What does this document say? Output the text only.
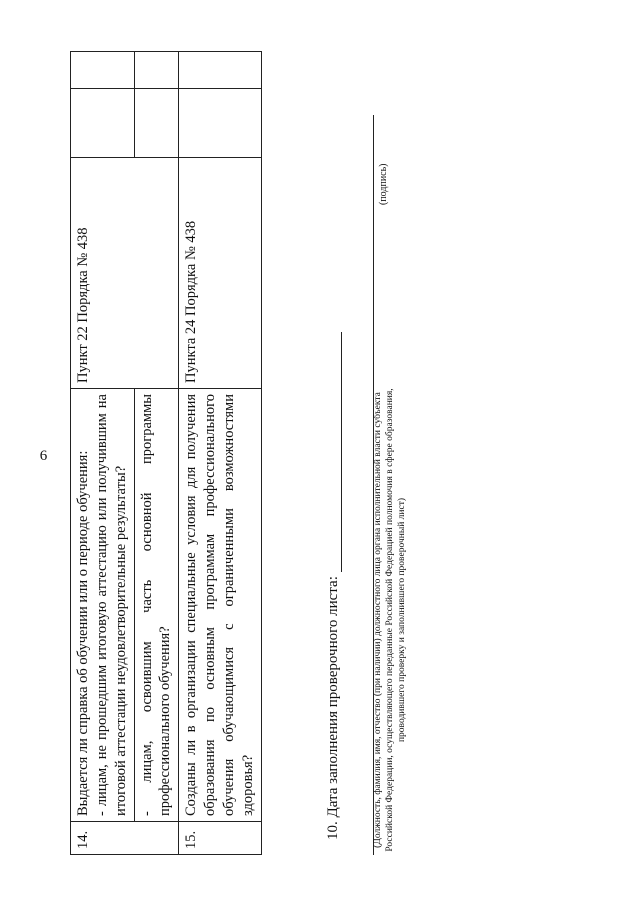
6
14.	Выдается ли справка об обучении или о периоде обучения: - лицам, не прошедшим итоговую аттестацию или получившим на итоговой аттестации неудовлетворительные результаты?	Пункт 22 Порядка № 438		
	- лицам, освоившим часть основной программы профессионального обучения?			
15.	Созданы ли в организации специальные условия для получения образования по основным программам профессионального обучения обучающимися с ограниченными возможностями здоровья?	Пункта 24 Порядка № 438		
10. Дата заполнения проверочного листа:	(Должность, фамилия, имя, отчество (при наличии) должностного лица органа исполнительной власти субъекта Российской Федерации, осуществляющего переданные Российской Федерацией полномочия в сфере образования, проводившего проверку и заполнившего проверочный лист)
(подпись)
